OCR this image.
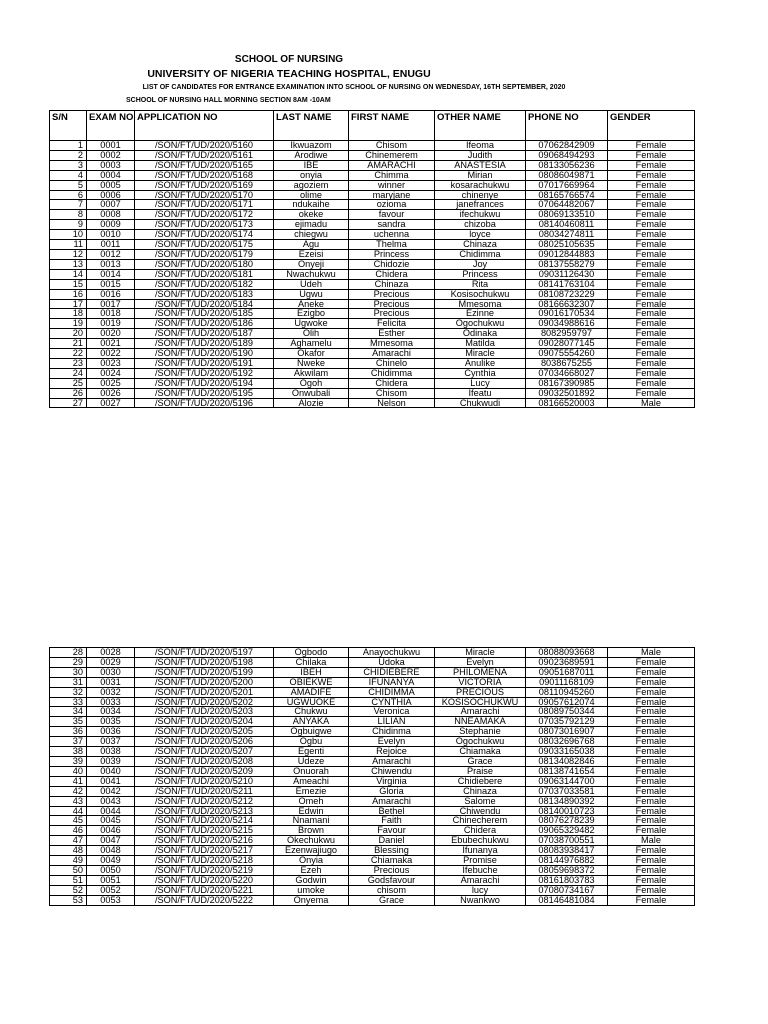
SCHOOL OF NURSING
UNIVERSITY OF NIGERIA TEACHING HOSPITAL, ENUGU
LIST OF CANDIDATES FOR ENTRANCE EXAMINATION INTO SCHOOL OF NURSING ON WEDNESDAY, 16TH SEPTEMBER, 2020
SCHOOL OF NURSING HALL MORNING SECTION 8AM -10AM
S/N	EXAM NO	APPLICATION NO	LAST NAME	FIRST NAME	OTHER NAME	PHONE NO	GENDER
1	0001	/SON/FT/UD/2020/5160	Ikwuazom	Chisom	Ifeoma	07062842909	Female
2	0002	/SON/FT/UD/2020/5161	Arodiwe	Chinemerem	Judith	09068494293	Female
3	0003	/SON/FT/UD/2020/5165	IBE	AMARACHI	ANASTESIA	08133056236	Female
4	0004	/SON/FT/UD/2020/5168	onyia	Chimma	Mirian	08086049871	Female
5	0005	/SON/FT/UD/2020/5169	agoziem	winner	kosarachukwu	07017669964	Female
6	0006	/SON/FT/UD/2020/5170	olime	maryjane	chinenye	08165766574	Female
7	0007	/SON/FT/UD/2020/5171	ndukaihe	ozioma	janefrances	07064482067	Female
8	0008	/SON/FT/UD/2020/5172	okeke	favour	ifechukwu	08069133510	Female
9	0009	/SON/FT/UD/2020/5173	ejimadu	sandra	chizoba	08140460811	Female
10	0010	/SON/FT/UD/2020/5174	chiegwu	uchenna	loyce	08034274811	Female
11	0011	/SON/FT/UD/2020/5175	Agu	Thelma	Chinaza	08025105635	Female
12	0012	/SON/FT/UD/2020/5179	Ezeisi	Princess	Chidimma	09012844883	Female
13	0013	/SON/FT/UD/2020/5180	Onyeji	Chidozie	Joy	08137558279	Female
14	0014	/SON/FT/UD/2020/5181	Nwachukwu	Chidera	Princess	09031126430	Female
15	0015	/SON/FT/UD/2020/5182	Udeh	Chinaza	Rita	08141763104	Female
16	0016	/SON/FT/UD/2020/5183	Ugwu	Precious	Kosisochukwu	08108723229	Female
17	0017	/SON/FT/UD/2020/5184	Aneke	Precious	Mmesoma	08166632307	Female
18	0018	/SON/FT/UD/2020/5185	Ezigbo	Precious	Ezinne	09016170534	Female
19	0019	/SON/FT/UD/2020/5186	Ugwoke	Felicita	Ogochukwu	09034988616	Female
20	0020	/SON/FT/UD/2020/5187	Olih	Esther	Odinaka	8082959797	Female
21	0021	/SON/FT/UD/2020/5189	Aghamelu	Mmesoma	Matilda	09028077145	Female
22	0022	/SON/FT/UD/2020/5190	Okafor	Amarachi	Miracle	09075554260	Female
23	0023	/SON/FT/UD/2020/5191	Nweke	Chinelo	Anulike	8038675255	Female
24	0024	/SON/FT/UD/2020/5192	Akwilam	Chidimma	Cynthia	07034668027	Female
25	0025	/SON/FT/UD/2020/5194	Ogoh	Chidera	Lucy	08167390985	Female
26	0026	/SON/FT/UD/2020/5195	Onwubali	Chisom	Ifeatu	09032501892	Female
27	0027	/SON/FT/UD/2020/5196	Alozie	Nelson	Chukwudi	08166520003	Male
28	0028	/SON/FT/UD/2020/5197	Ogbodo	Anayochukwu	Miracle	08088093668	Male
29	0029	/SON/FT/UD/2020/5198	Chilaka	Udoka	Evelyn	09023689591	Female
30	0030	/SON/FT/UD/2020/5199	IBEH	CHIDIEBERE	PHILOMENA	09051687011	Female
31	0031	/SON/FT/UD/2020/5200	OBIEKWE	IFUNANYA	VICTORIA	09011168109	Female
32	0032	/SON/FT/UD/2020/5201	AMADIFE	CHIDIMMA	PRECIOUS	08110945260	Female
33	0033	/SON/FT/UD/2020/5202	UGWUOKE	CYNTHIA	KOSISOCHUKWU	09057612074	Female
34	0034	/SON/FT/UD/2020/5203	Chukwu	Veronica	Amarachi	08089750344	Female
35	0035	/SON/FT/UD/2020/5204	ANYAKA	LILIAN	NNEAMAKA	07035792129	Female
36	0036	/SON/FT/UD/2020/5205	Ogbuigwe	Chidinma	Stephanie	08073016907	Female
37	0037	/SON/FT/UD/2020/5206	Ogbu	Evelyn	Ogochukwu	08032696768	Female
38	0038	/SON/FT/UD/2020/5207	Egenti	Rejoice	Chiamaka	09033165038	Female
39	0039	/SON/FT/UD/2020/5208	Udeze	Amarachi	Grace	08134082846	Female
40	0040	/SON/FT/UD/2020/5209	Onuorah	Chiwendu	Praise	08138741654	Female
41	0041	/SON/FT/UD/2020/5210	Ameachi	Virginia	Chidiebere	09063144700	Female
42	0042	/SON/FT/UD/2020/5211	Emezie	Gloria	Chinaza	07037033581	Female
43	0043	/SON/FT/UD/2020/5212	Omeh	Amarachi	Salome	08134890392	Female
44	0044	/SON/FT/UD/2020/5213	Edwin	Bethel	Chiwendu	08140010723	Female
45	0045	/SON/FT/UD/2020/5214	Nnamani	Faith	Chinecherem	08076278239	Female
46	0046	/SON/FT/UD/2020/5215	Brown	Favour	Chidera	09065329482	Female
47	0047	/SON/FT/UD/2020/5216	Okechukwu	Daniel	Ebubechukwu	07038700551	Male
48	0048	/SON/FT/UD/2020/5217	Ezenwajiugo	Blessing	Ifunanya	08083938417	Female
49	0049	/SON/FT/UD/2020/5218	Onyia	Chiamaka	Promise	08144976882	Female
50	0050	/SON/FT/UD/2020/5219	Ezeh	Precious	Ifebuche	08059698372	Female
51	0051	/SON/FT/UD/2020/5220	Godwin	Godsfavour	Amarachi	08161803783	Female
52	0052	/SON/FT/UD/2020/5221	umoke	chisom	lucy	07080734167	Female
53	0053	/SON/FT/UD/2020/5222	Onyema	Grace	Nwankwo	08146481084	Female
